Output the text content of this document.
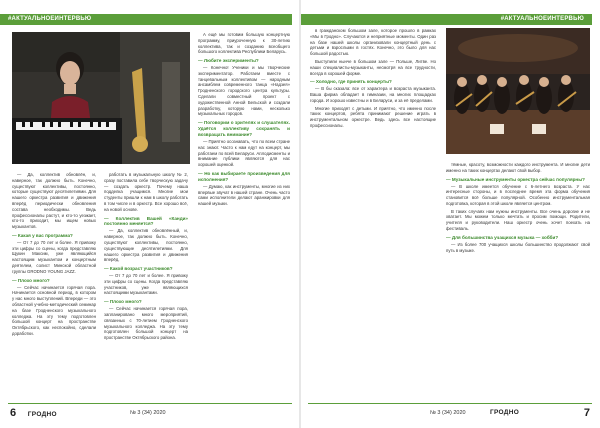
#АКТУАЛЬНОЕИНТЕРВЬЮ

— Да, коллектив обновлён, и, наверное, так должно быть. Конечно, существуют коллективы, постоянно, которые существуют десятилетиями. Для нашего оркестра развития и движения вперёд периодически обновления состава необходимы. Ведь профессионалы растут, и кто-то уезжает, кто-то приходит, мы ищем новых музыкантов.

— Какая у вас программа?

— От 7 до 70 лет и более. Я привожу эти цифры со сцены, когда представляю Щукин Максим, уже являющийся настоящим музыкантом и концертным деятелем, солист Минской областной группы GRODNO YOUNG JAZZ.

— Плохо много?

— Сейчас начинается горячая пора. Начинается основной период, в котором у нас много выступлений. Впереди — это областной учебно-методический семинар на базе Гродненского музыкального колледжа. На эту тему подготовлен большой концерт на пространстве Октябрьского, как неспокойно, сделали доработки.

работать в музыкальную школу № 2, сразу поставила себе творческую задачу — создать оркестр. Почему наша подделка учащимся. Многие мои студенты пришли к нам в школу работать в том числе и в оркестр. Все хорошо всё, на новой основе.

— Коллектив Вашей «Канди» постоянно меняется?

— Да, коллектив обновлённый, и, наверное, так должно быть. Конечно, существуют коллективы, постоянно, существующие десятилетиями. Для нашего оркестра развития и движения вперёд.

— Какой возраст участников?

— От 7 до 70 лет и более. Я привожу эти цифры со сцены. Когда представляю участников, уже являющихся настоящими музыкантами.

— Плохо много?

— Сейчас начинается горячая пора, запланировано много мероприятий, связанных с 70-летием Гродненского музыкального колледжа. На эту тему подготовлен большой концерт на пространстве Октябрьского района.

А ещё мы готовим большую концертную программу, приуроченную к 30-летию коллектива, так и созданию всеобщего большого коллектива Республики Беларусь.

— Любите эксперименты?

— Конечно! Ученики и мы творческие экспериментатор. Работаем вместе с танцевальным коллективом — народным ансамблем современного танца «Надзея» Гродненского городского центра культуры. Сделали совместный проект с художественной Анной Бельской и создали разработку, которую нами, несколько музыкальных городов.

— Поговорим о зрителях и слушателях. Удаётся коллективу сохранять и возвращать внимание?

— Приятно осознавать, что по всем стране нас знают. Часто к нам едут на концерт, мы работаем по всей Беларуси. Аплодисменты и внимание публики являются для нас хорошей оценкой.

— Но как выбираете произведения для исполнения?

— Думаю, как инструменты, многие из них впервые звучат в нашей стране. Очень часто сами исполнители делают аранжировки для нашей музыки.

6 ГРОДНО	№ 3 (34) 2020
#АКТУАЛЬНОЕИНТЕРВЬЮ

в гражданском большом зале, которое прошло в рамках «Мы в Гродно». Случаются и неприятные моменты. Один раз на базе нашей школы организовали концертный день с детьми и взрослыми в гостях. Конечно, это было для нас большой радостью.

Выступили нынче в большом зале — Польше, Литве. Но наши специалисты-музыканты, несмотря на все трудности, всегда в хорошей форме.

— Холодно, где принять концерты?

— В бы сказала: все от характера и возраста музыканта. Ваша фирма обладает в гимназии, на многих площадках города. И хорошо известны и в Беларуси, и за её пределами.

Многие приходят с детьми. И приятно, что именно после таких концертов, ребята принимают решение играть в инструментальном оркестре. Ведь здесь все настоящие профессионалы.

тёмные, красоту, возможности каждого инструмента. И многие дети именно на таких концертах делают свой выбор.

— Музыкальные инструменты оркестра сейчас популярны?

— В школе имеется обучение с 6-летнего возраста. У нас интересные стороны, и в последнее время эта форма обучения становится всё больше популярной. Особенно инструментальная подготовка, которая в этой школе является центром.

В таких случаях нам нужны инструменты. Все очень дорогие и не хватает. Мы можем только мечтать и просим помощи. Родители, учителя и руководители. Наш оркестр очень хочет поехать на фестиваль.

— Для большинства учащихся музыка — хобби?

— Из более 700 учащихся школы большинство продолжают свой путь в музыке.

ГРОДНО
№ 3 (34) 2020	7
